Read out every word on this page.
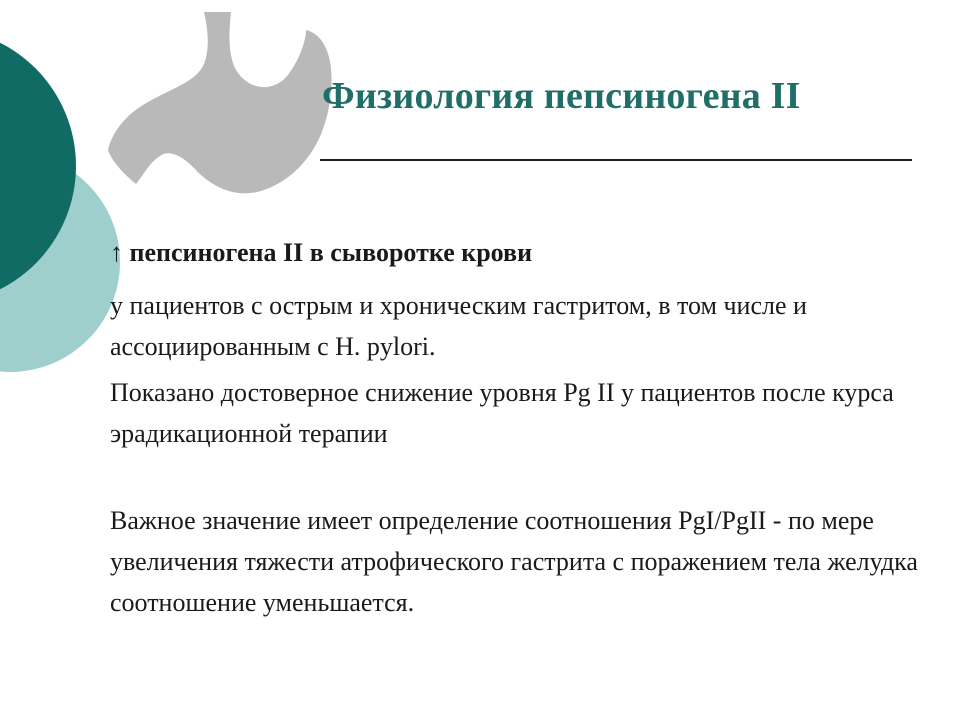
Физиология пепсиногена II

↑ пепсиногена II в сыворотке крови

у пациентов с острым и хроническим гастритом, в том числе и ассоциированным с H. pylori.

Показано достоверное снижение уровня Pg II у пациентов после курса эрадикационной терапии

Важное значение имеет определение соотношения PgI/PgII - по мере увеличения тяжести атрофического гастрита с поражением тела желудка соотношение уменьшается.
